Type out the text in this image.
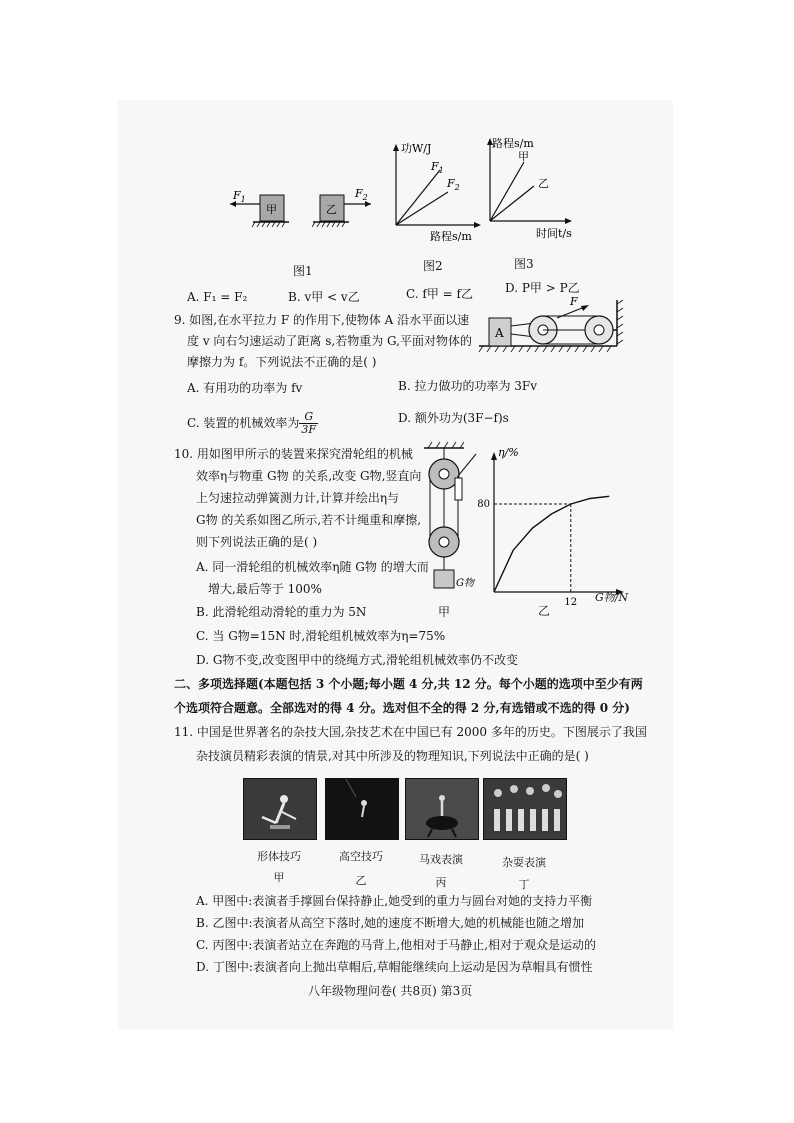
$F_1$
甲	乙
$F_2$
图1
功W/J
路程s/m
$F_1$
$F_2$
图2
路程s/m
甲
乙
时间t/s
图3
A. F₁ = F₂	B. v甲 < v乙	C. f甲 = f乙	D. P甲 > P乙
9. 如图,在水平拉力 F 的作用下,使物体 A 沿水平面以速
度 v 向右匀速运动了距离 s,若物重为 G,平面对物体的
摩擦力为 f。下列说法不正确的是( )
A. 有用功的功率为 fv	B. 拉力做功的功率为 3Fv
C. 装置的机械效率为 $\frac{G}{3F}$	D. 额外功为(3F−f)s
A
F
10. 用如图甲所示的装置来探究滑轮组的机械
效率η与物重 G物 的关系,改变 G物,竖直向
上匀速拉动弹簧测力计,计算并绘出η与
G物 的关系如图乙所示,若不计绳重和摩擦,
则下列说法正确的是( )
A. 同一滑轮组的机械效率η随 G物 的增大而
增大,最后等于 100%
B. 此滑轮组动滑轮的重力为 5N
C. 当 G物=15N 时,滑轮组机械效率为η=75%
D. G物不变,改变图甲中的绕绳方式,滑轮组机械效率仍不改变
G物
甲
η/%
80
12 G物/N
乙
二、多项选择题(本题包括 3 个小题;每小题 4 分,共 12 分。每个小题的选项中至少有两
个选项符合题意。全部选对的得 4 分。选对但不全的得 2 分,有选错或不选的得 0 分)
11. 中国是世界著名的杂技大国,杂技艺术在中国已有 2000 多年的历史。下图展示了我国
杂技演员精彩表演的情景,对其中所涉及的物理知识,下列说法中正确的是( )
形体技巧	高空技巧	马戏表演	杂耍表演
甲	乙	丙	丁
A. 甲图中:表演者手撑圆台保持静止,她受到的重力与圆台对她的支持力平衡
B. 乙图中:表演者从高空下落时,她的速度不断增大,她的机械能也随之增加
C. 丙图中:表演者站立在奔跑的马背上,他相对于马静止,相对于观众是运动的
D. 丁图中:表演者向上抛出草帽后,草帽能继续向上运动是因为草帽具有惯性
八年级物理问卷( 共8页) 第3页
